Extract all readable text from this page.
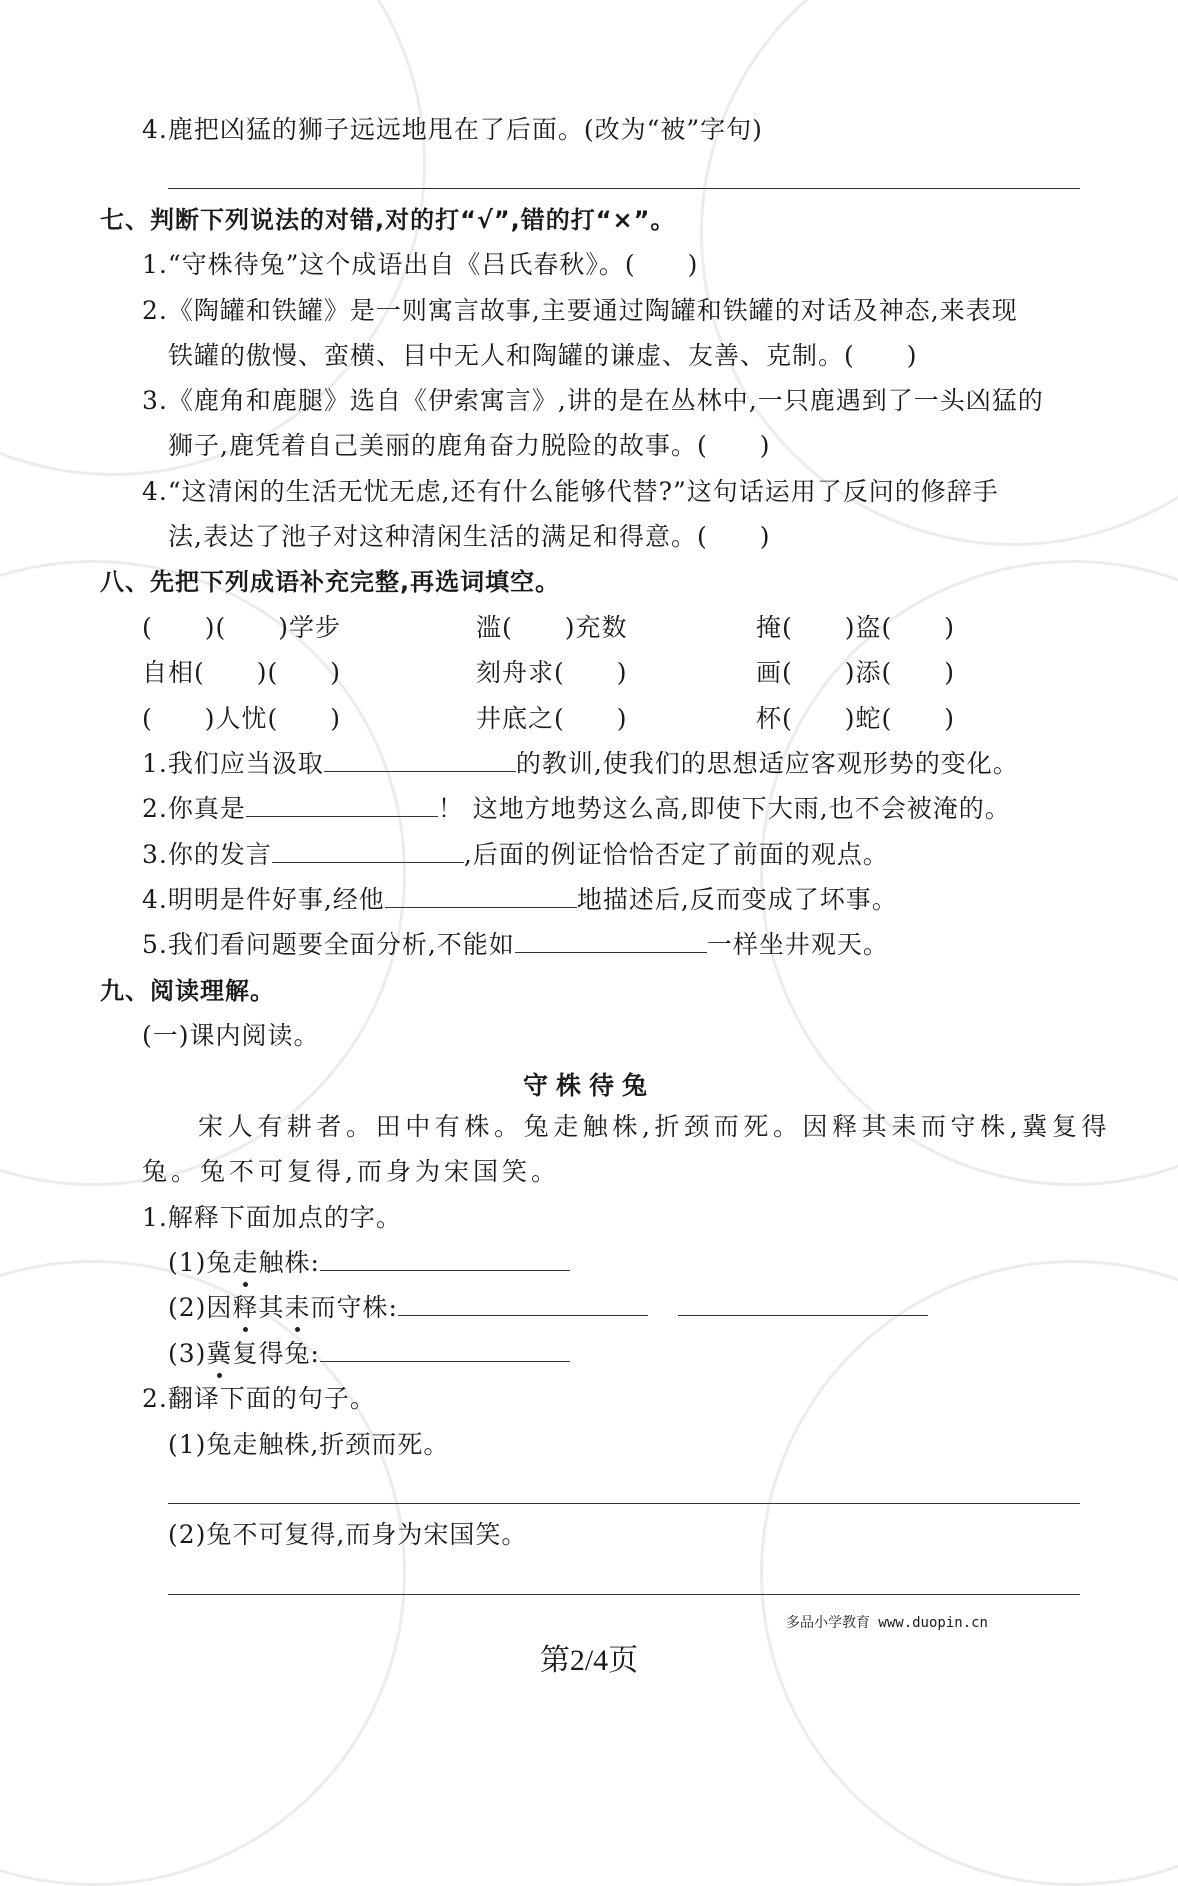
4.鹿把凶猛的狮子远远地甩在了后面。(改为“被”字句)
七、判断下列说法的对错,对的打“√”,错的打“×”。
1.“守株待兔”这个成语出自《吕氏春秋》。(　　)
2.《陶罐和铁罐》是一则寓言故事,主要通过陶罐和铁罐的对话及神态,来表现
铁罐的傲慢、蛮横、目中无人和陶罐的谦虚、友善、克制。(　　)
3.《鹿角和鹿腿》选自《伊索寓言》,讲的是在丛林中,一只鹿遇到了一头凶猛的
狮子,鹿凭着自己美丽的鹿角奋力脱险的故事。(　　)
4.“这清闲的生活无忧无虑,还有什么能够代替?”这句话运用了反问的修辞手
法,表达了池子对这种清闲生活的满足和得意。(　　)
八、先把下列成语补充完整,再选词填空。
(　　)(　　)学步	滥(　　)充数	掩(　　)盗(　　)
自相(　　)(　　)	刻舟求(　　)	画(　　)添(　　)
(　　)人忧(　　)	井底之(　　)	杯(　　)蛇(　　)
1.我们应当汲取	的教训,使我们的思想适应客观形势的变化。
2.你真是	！ 这地方地势这么高,即使下大雨,也不会被淹的。
3.你的发言	,后面的例证恰恰否定了前面的观点。
4.明明是件好事,经他	地描述后,反而变成了坏事。
5.我们看问题要全面分析,不能如	一样坐井观天。
九、阅读理解。
(一)课内阅读。
守株待兔
宋人有耕者。田中有株。兔走触株,折颈而死。因释其耒而守株,冀复得
兔。兔不可复得,而身为宋国笑。
1.解释下面加点的字。
(1)兔走触株:
(2)因释其耒而守株:
(3)冀复得兔:
2.翻译下面的句子。
(1)兔走触株,折颈而死。
(2)兔不可复得,而身为宋国笑。
多品小学教育 www.duopin.cn
第2/4页
